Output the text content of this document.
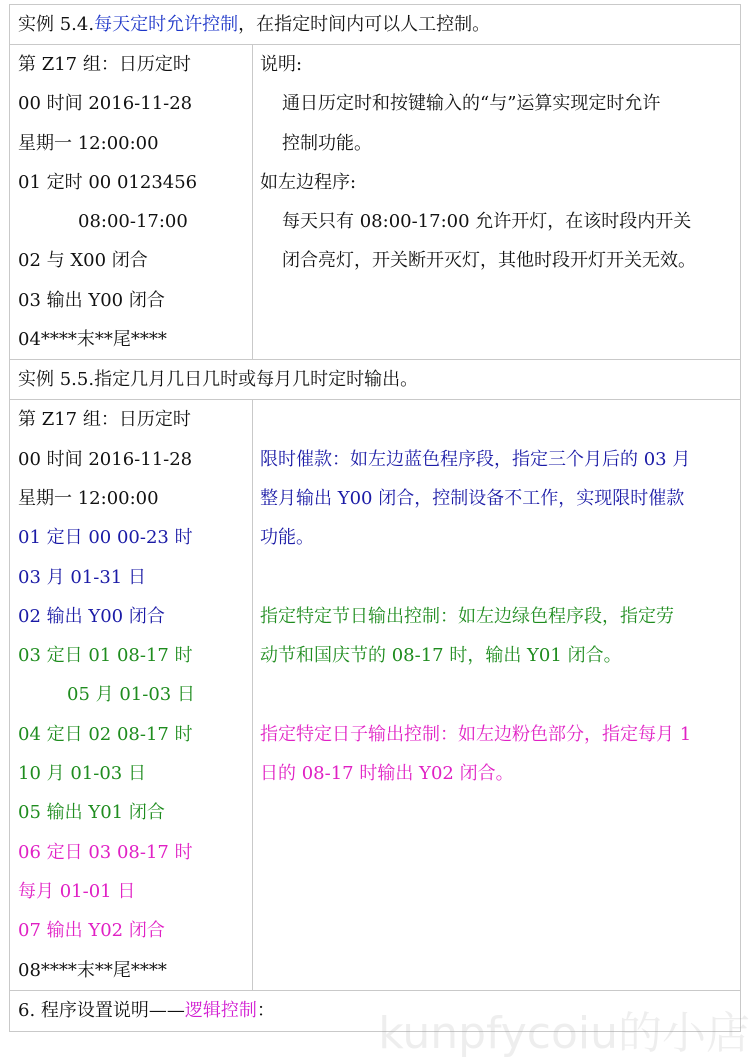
实例 5.4.每天定时允许控制，在指定时间内可以人工控制。
第 Z17 组：日历定时
00 时间 2016-11-28
星期一 12:00:00
01 定时 00 0123456
08:00-17:00
02 与 X00 闭合
03 输出 Y00 闭合
04****末**尾****
说明:
通日历定时和按键输入的“与”运算实现定时允许
控制功能。
如左边程序:
每天只有 08:00-17:00 允许开灯，在该时段内开关
闭合亮灯，开关断开灭灯，其他时段开灯开关无效。
实例 5.5.指定几月几日几时或每月几时定时输出。
第 Z17 组：日历定时
00 时间 2016-11-28
星期一 12:00:00
01 定日 00 00-23 时
03 月 01-31 日
02 输出 Y00 闭合
03 定日 01 08-17 时
05 月 01-03 日
04 定日 02 08-17 时
10 月 01-03 日
05 输出 Y01 闭合
06 定日 03 08-17 时
每月 01-01 日
07 输出 Y02 闭合
08****末**尾****
限时催款：如左边蓝色程序段，指定三个月后的 03 月
整月输出 Y00 闭合，控制设备不工作，实现限时催款
功能。
指定特定节日输出控制：如左边绿色程序段，指定劳
动节和国庆节的 08-17 时，输出 Y01 闭合。
指定特定日子输出控制：如左边粉色部分，指定每月 1
日的 08-17 时输出 Y02 闭合。
6. 程序设置说明——逻辑控制：	kunpfycoiu的小店
